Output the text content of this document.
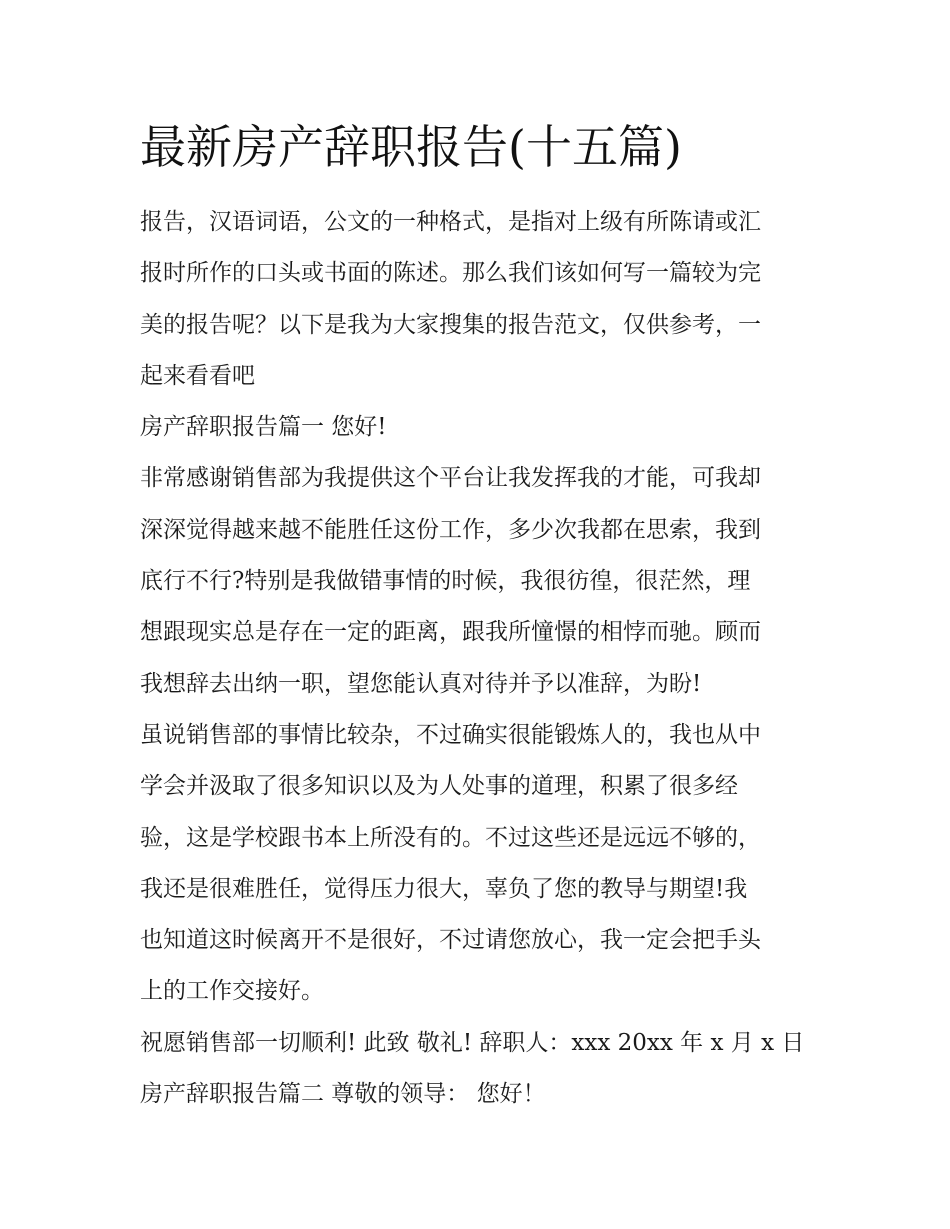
最新房产辞职报告(十五篇)
报告，汉语词语，公文的一种格式，是指对上级有所陈请或汇
报时所作的口头或书面的陈述。那么我们该如何写一篇较为完
美的报告呢？以下是我为大家搜集的报告范文，仅供参考，一
起来看看吧
房产辞职报告篇一 您好!
非常感谢销售部为我提供这个平台让我发挥我的才能，可我却
深深觉得越来越不能胜任这份工作，多少次我都在思索，我到
底行不行?特别是我做错事情的时候，我很彷徨，很茫然，理
想跟现实总是存在一定的距离，跟我所憧憬的相悖而驰。顾而
我想辞去出纳一职，望您能认真对待并予以准辞，为盼!
虽说销售部的事情比较杂，不过确实很能锻炼人的，我也从中
学会并汲取了很多知识以及为人处事的道理，积累了很多经
验，这是学校跟书本上所没有的。不过这些还是远远不够的，
我还是很难胜任，觉得压力很大，辜负了您的教导与期望!我
也知道这时候离开不是很好，不过请您放心，我一定会把手头
上的工作交接好。
祝愿销售部一切顺利! 此致 敬礼! 辞职人：xxx 20xx 年 x 月 x 日
房产辞职报告篇二 尊敬的领导： 您好！
